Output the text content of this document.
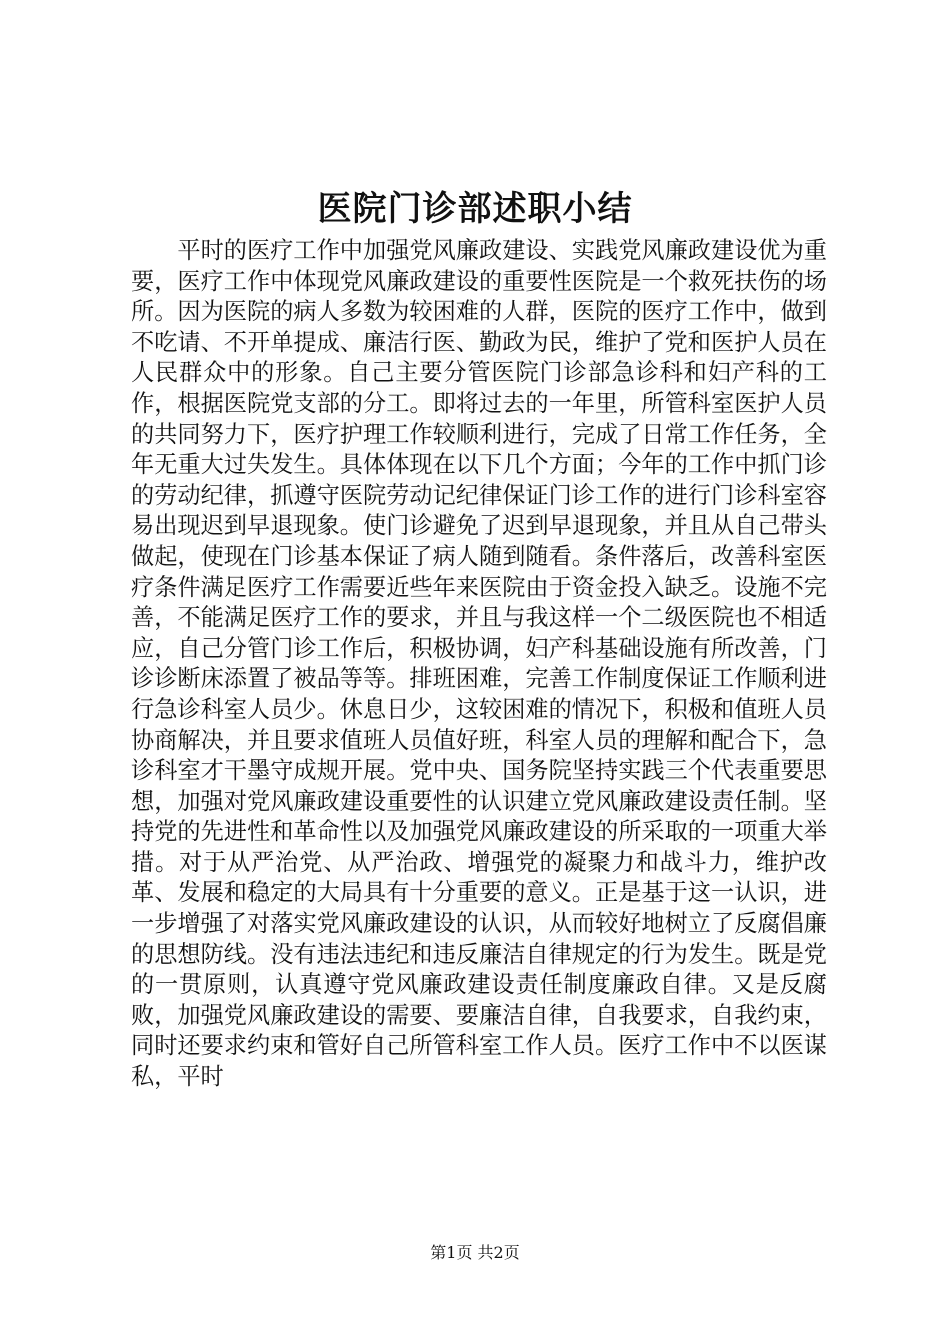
医院门诊部述职小结

平时的医疗工作中加强党风廉政建设、实践党风廉政建设优为重要，医疗工作中体现党风廉政建设的重要性医院是一个救死扶伤的场所。因为医院的病人多数为较困难的人群，医院的医疗工作中，做到不吃请、不开单提成、廉洁行医、勤政为民，维护了党和医护人员在人民群众中的形象。自己主要分管医院门诊部急诊科和妇产科的工作，根据医院党支部的分工。即将过去的一年里，所管科室医护人员的共同努力下，医疗护理工作较顺利进行，完成了日常工作任务，全年无重大过失发生。具体体现在以下几个方面；今年的工作中抓门诊的劳动纪律，抓遵守医院劳动记纪律保证门诊工作的进行门诊科室容易出现迟到早退现象。使门诊避免了迟到早退现象，并且从自己带头做起，使现在门诊基本保证了病人随到随看。条件落后，改善科室医疗条件满足医疗工作需要近些年来医院由于资金投入缺乏。设施不完善，不能满足医疗工作的要求，并且与我这样一个二级医院也不相适应，自己分管门诊工作后，积极协调，妇产科基础设施有所改善，门诊诊断床添置了被品等等。排班困难，完善工作制度保证工作顺利进行急诊科室人员少。休息日少，这较困难的情况下，积极和值班人员协商解决，并且要求值班人员值好班，科室人员的理解和配合下，急诊科室才干墨守成规开展。党中央、国务院坚持实践三个代表重要思想，加强对党风廉政建设重要性的认识建立党风廉政建设责任制。坚持党的先进性和革命性以及加强党风廉政建设的所采取的一项重大举措。对于从严治党、从严治政、增强党的凝聚力和战斗力，维护改革、发展和稳定的大局具有十分重要的意义。正是基于这一认识，进一步增强了对落实党风廉政建设的认识，从而较好地树立了反腐倡廉的思想防线。没有违法违纪和违反廉洁自律规定的行为发生。既是党的一贯原则，认真遵守党风廉政建设责任制度廉政自律。又是反腐败，加强党风廉政建设的需要、要廉洁自律，自我要求，自我约束，同时还要求约束和管好自己所管科室工作人员。医疗工作中不以医谋私，平时

第1页 共2页
